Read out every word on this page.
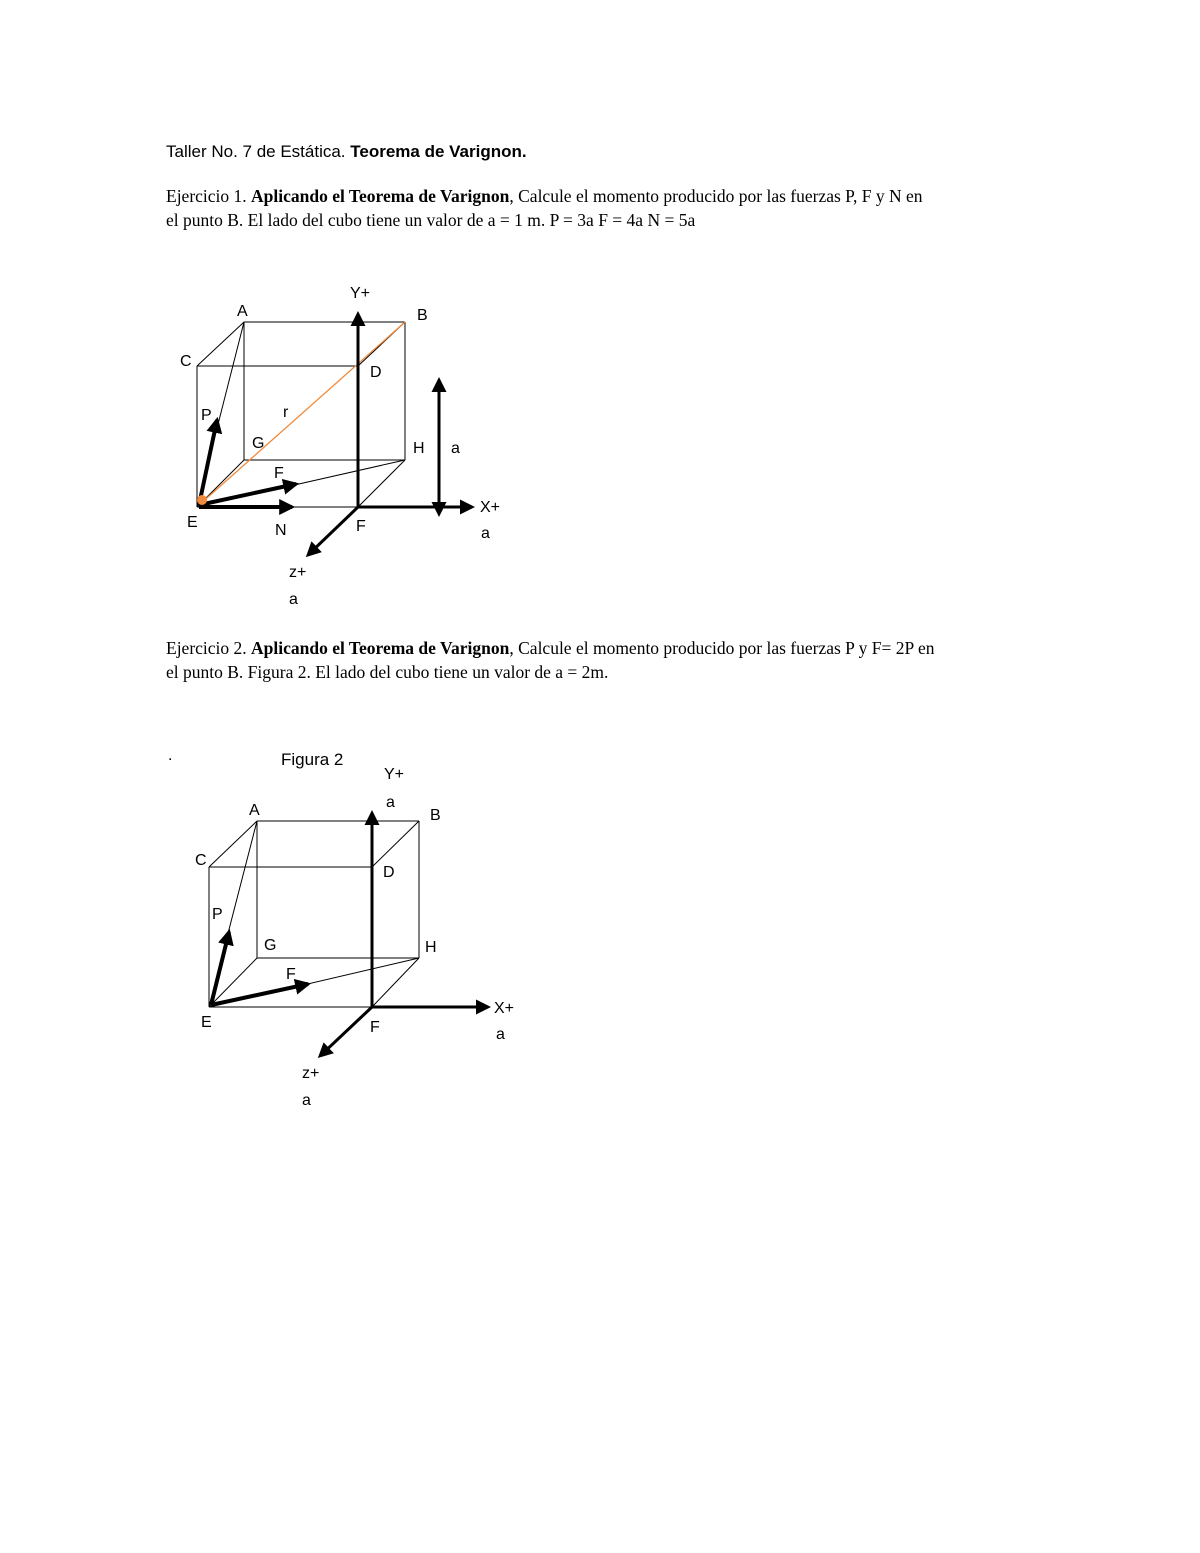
Taller No. 7 de Estática. Teorema de Varignon.

Ejercicio 1. Aplicando el Teorema de Varignon, Calcule el momento producido por las fuerzas P, F y N en

el punto B. El lado del cubo tiene un valor de a = 1 m. P = 3a F = 4a N = 5a

A	B
C
D
E	F
G	H
P
F
N
r
Y+
X+
z+
a
a
a

Ejercicio 2. Aplicando el Teorema de Varignon, Calcule el momento producido por las fuerzas P y F= 2P en

el punto B. Figura 2. El lado del cubo tiene un valor de a = 2m.

.	Figura 2
A	B
C
D
E	F
G	H
P
F
Y+
a
X+
a
z+
a
